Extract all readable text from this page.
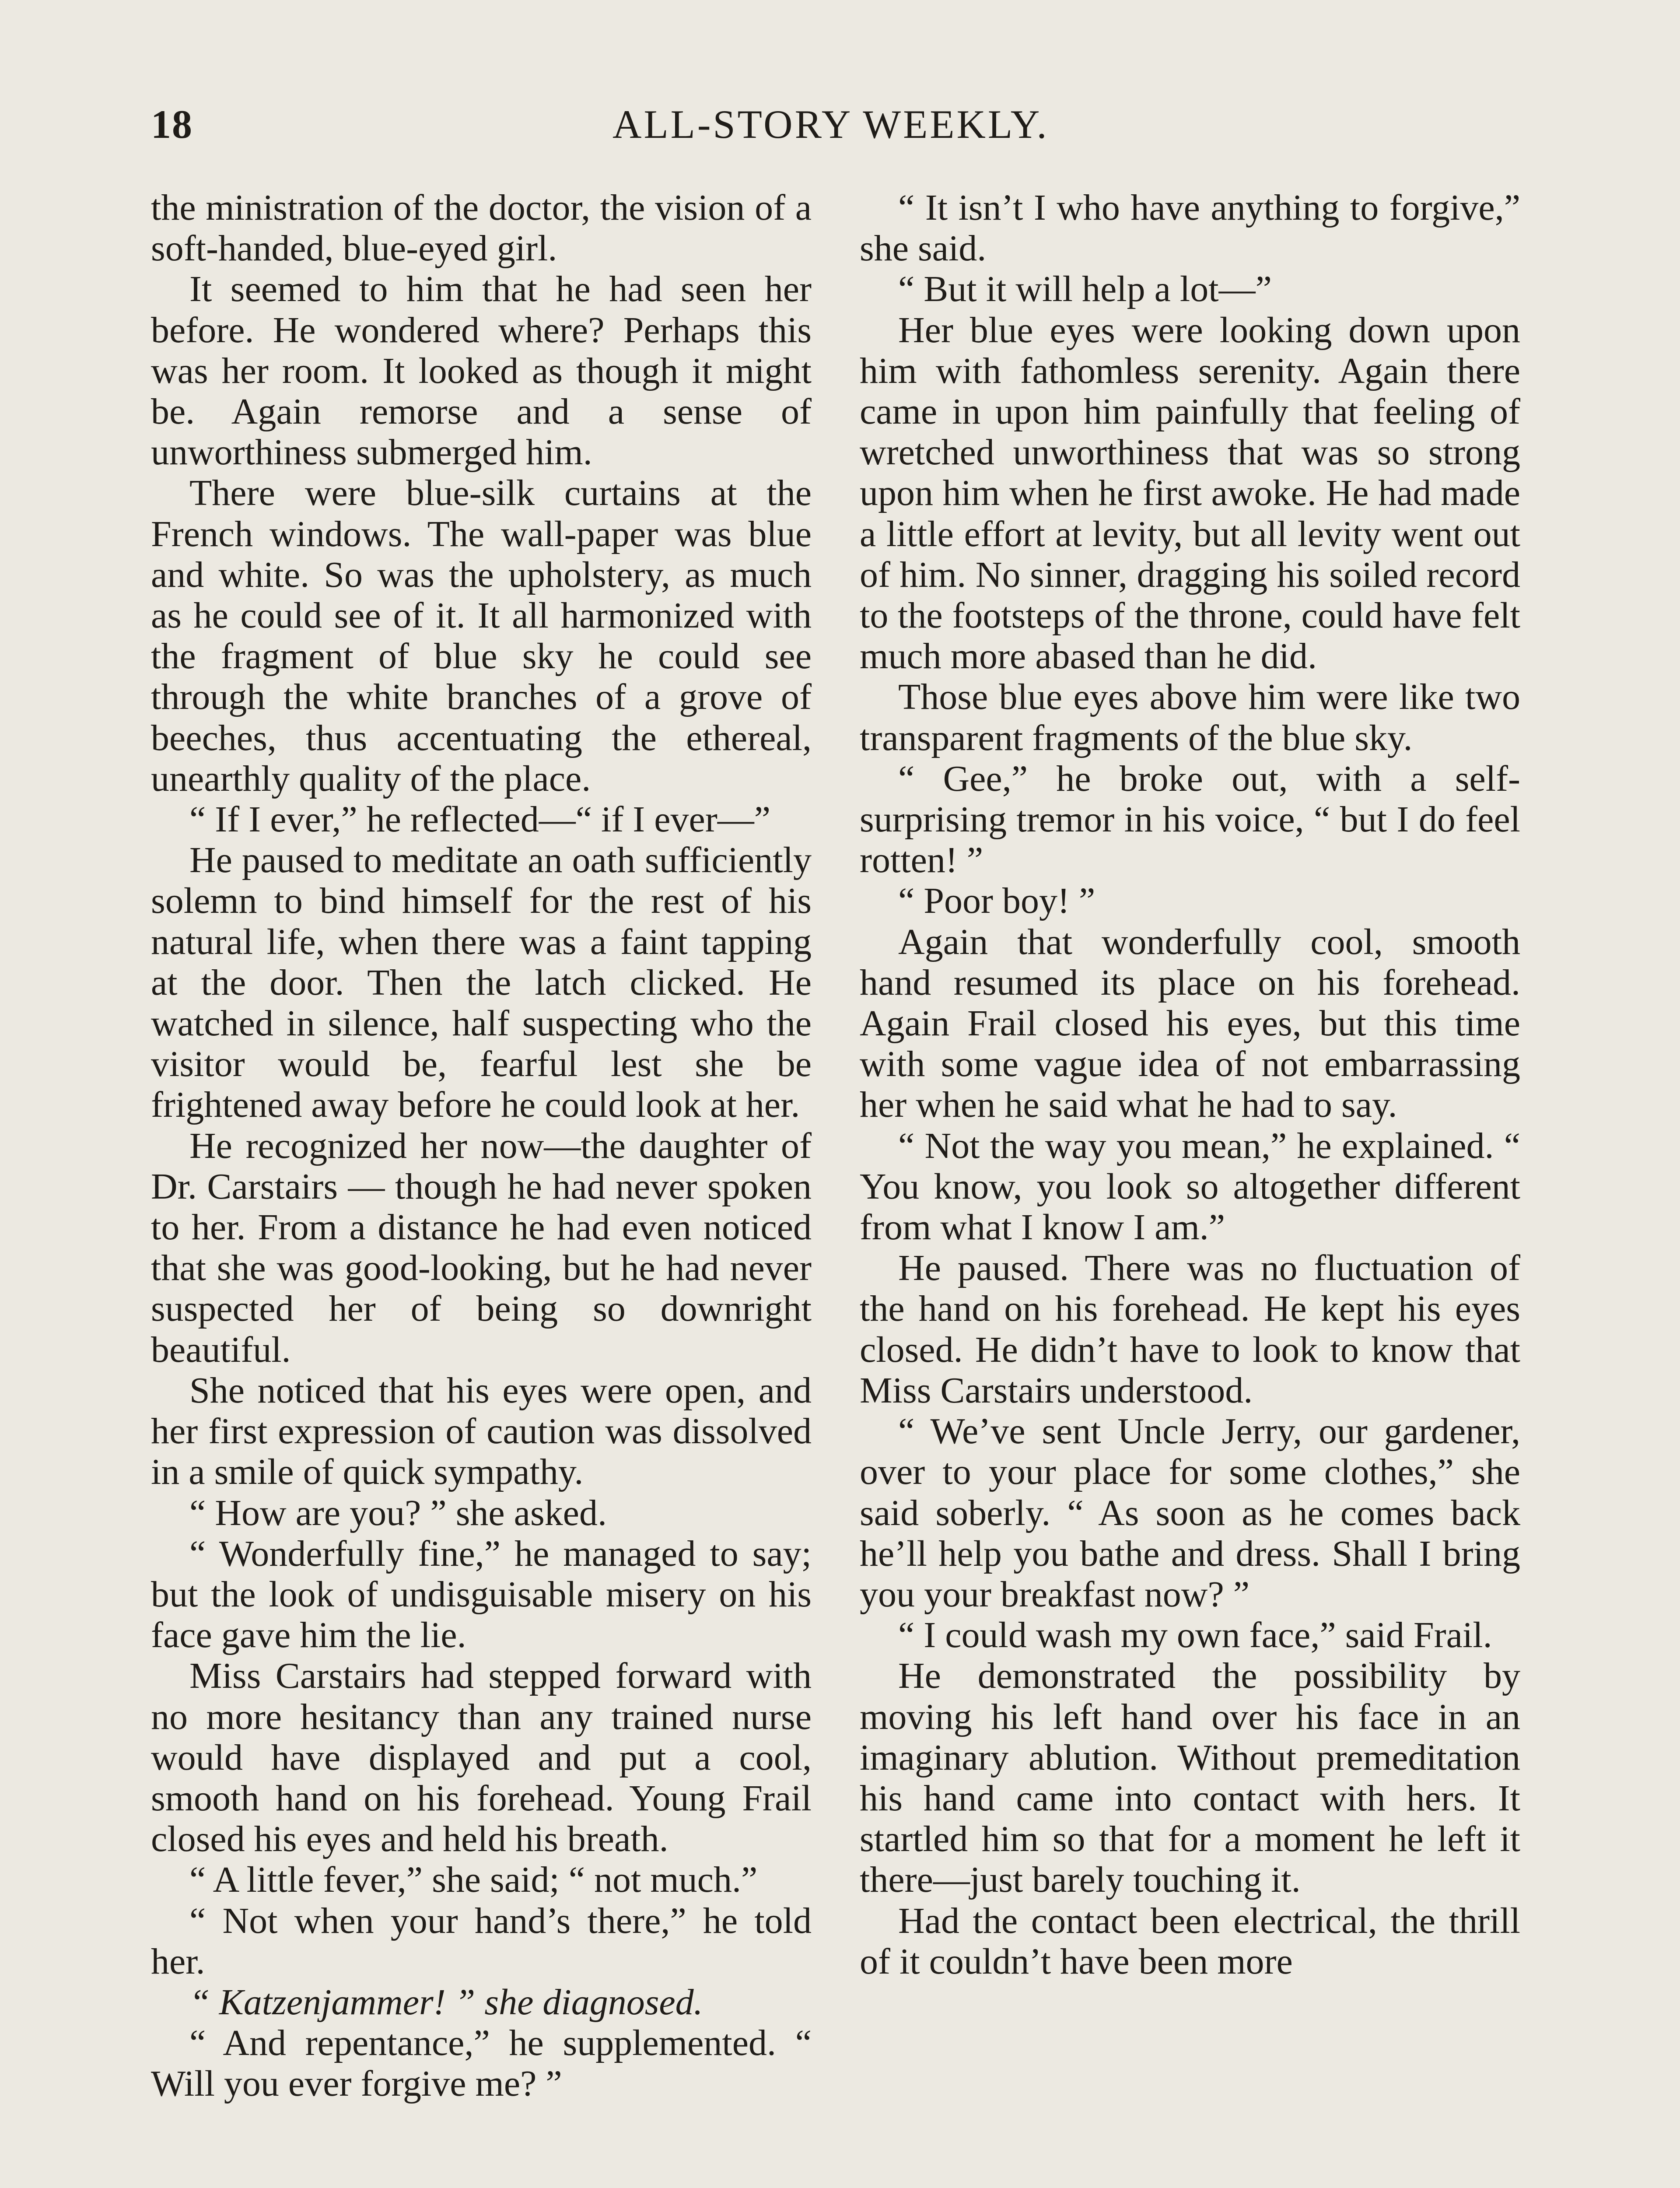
18	ALL-STORY WEEKLY.

the ministration of the doctor, the vision of a soft-handed, blue-eyed girl.

It seemed to him that he had seen her before. He wondered where? Perhaps this was her room. It looked as though it might be. Again remorse and a sense of unworthiness submerged him.

There were blue-silk curtains at the French windows. The wall-paper was blue and white. So was the upholstery, as much as he could see of it. It all harmonized with the fragment of blue sky he could see through the white branches of a grove of beeches, thus accentuating the ethereal, unearthly quality of the place.

“ If I ever,” he reflected—“ if I ever—”

He paused to meditate an oath sufficiently solemn to bind himself for the rest of his natural life, when there was a faint tapping at the door. Then the latch clicked. He watched in silence, half suspecting who the visitor would be, fearful lest she be frightened away before he could look at her.

He recognized her now—the daughter of Dr. Carstairs — though he had never spoken to her. From a distance he had even noticed that she was good-looking, but he had never suspected her of being so downright beautiful.

She noticed that his eyes were open, and her first expression of caution was dissolved in a smile of quick sympathy.

“ How are you? ” she asked.

“ Wonderfully fine,” he managed to say; but the look of undisguisable misery on his face gave him the lie.

Miss Carstairs had stepped forward with no more hesitancy than any trained nurse would have displayed and put a cool, smooth hand on his forehead. Young Frail closed his eyes and held his breath.

“ A little fever,” she said; “ not much.”

“ Not when your hand’s there,” he told her.

“ Katzenjammer! ” she diagnosed.

“ And repentance,” he supplemented. “ Will you ever forgive me? ”

“ It isn’t I who have anything to forgive,” she said.

“ But it will help a lot—”

Her blue eyes were looking down upon him with fathomless serenity. Again there came in upon him painfully that feeling of wretched unworthiness that was so strong upon him when he first awoke. He had made a little effort at levity, but all levity went out of him. No sinner, dragging his soiled record to the footsteps of the throne, could have felt much more abased than he did.

Those blue eyes above him were like two transparent fragments of the blue sky.

“ Gee,” he broke out, with a self-surprising tremor in his voice, “ but I do feel rotten! ”

“ Poor boy! ”

Again that wonderfully cool, smooth hand resumed its place on his forehead. Again Frail closed his eyes, but this time with some vague idea of not embarrassing her when he said what he had to say.

“ Not the way you mean,” he explained. “ You know, you look so altogether different from what I know I am.”

He paused. There was no fluctuation of the hand on his forehead. He kept his eyes closed. He didn’t have to look to know that Miss Carstairs understood.

“ We’ve sent Uncle Jerry, our gardener, over to your place for some clothes,” she said soberly. “ As soon as he comes back he’ll help you bathe and dress. Shall I bring you your breakfast now? ”

“ I could wash my own face,” said Frail.

He demonstrated the possibility by moving his left hand over his face in an imaginary ablution. Without premeditation his hand came into contact with hers. It startled him so that for a moment he left it there—just barely touching it.

Had the contact been electrical, the thrill of it couldn’t have been more
